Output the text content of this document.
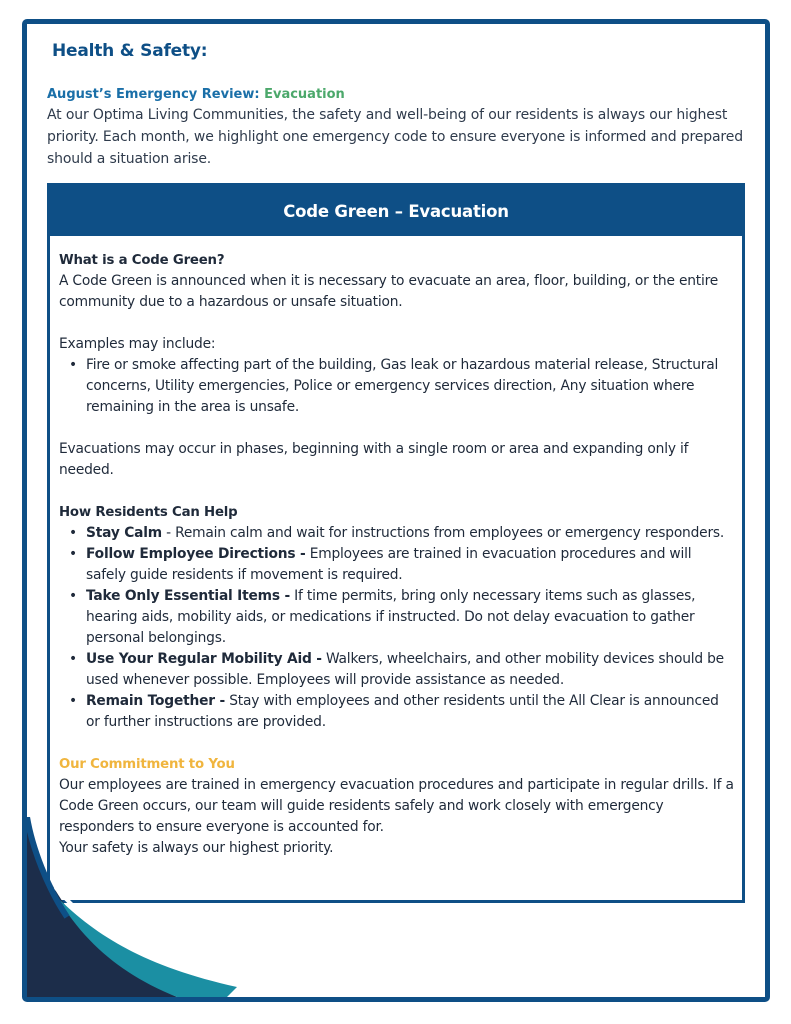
Health & Safety:

August’s Emergency Review: Evacuation

At our Optima Living Communities, the safety and well-being of our residents is always our highest priority. Each month, we highlight one emergency code to ensure everyone is informed and prepared should a situation arise.

Code Green – Evacuation

What is a Code Green?

A Code Green is announced when it is necessary to evacuate an area, floor, building, or the entire community due to a hazardous or unsafe situation.

Examples may include:

• Fire or smoke affecting part of the building, Gas leak or hazardous material release, Structural concerns, Utility emergencies, Police or emergency services direction, Any situation where remaining in the area is unsafe.

Evacuations may occur in phases, beginning with a single room or area and expanding only if needed.

How Residents Can Help

• Stay Calm - Remain calm and wait for instructions from employees or emergency responders.
• Follow Employee Directions - Employees are trained in evacuation procedures and will safely guide residents if movement is required.
• Take Only Essential Items - If time permits, bring only necessary items such as glasses, hearing aids, mobility aids, or medications if instructed. Do not delay evacuation to gather personal belongings.
• Use Your Regular Mobility Aid - Walkers, wheelchairs, and other mobility devices should be used whenever possible. Employees will provide assistance as needed.
• Remain Together - Stay with employees and other residents until the All Clear is announced or further instructions are provided.

Our Commitment to You

Our employees are trained in emergency evacuation procedures and participate in regular drills. If a Code Green occurs, our team will guide residents safely and work closely with emergency responders to ensure everyone is accounted for.

Your safety is always our highest priority.
